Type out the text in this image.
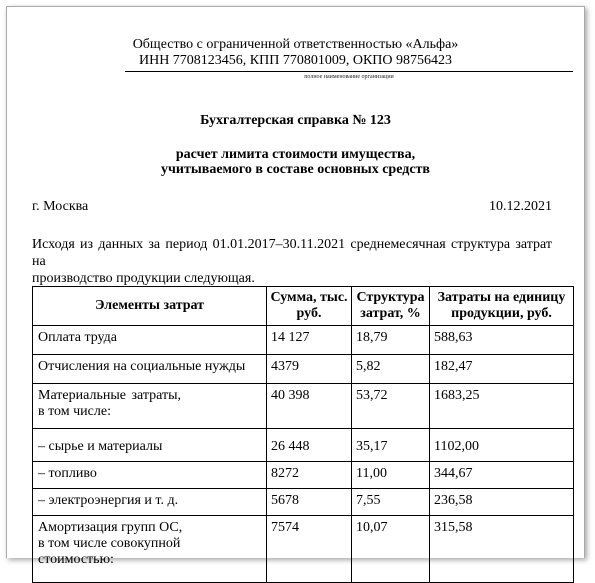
Общество с ограниченной ответственностью «Альфа»
ИНН 7708123456, КПП 770801009, ОКПО 98756423
полное наименование организации
Бухгалтерская справка № 123
расчет лимита стоимости имущества,
учитываемого в составе основных средств
г. Москва	10.12.2021

Исходя из данных за период 01.01.2017–30.11.2021 среднемесячная структура затрат на

производство продукции следующая.

Элементы затрат	Сумма, тыс. руб.	Структура затрат, %	Затраты на единицу продукции, руб.
Оплата труда	14 127	18,79	588,63
Отчисления на социальные нужды	4379	5,82	182,47

Материальные затраты,
в том числе:	40 398	53,72	1683,25
– сырье и материалы	26 448	35,17	1102,00
– топливо	8272	11,00	344,67
– электроэнергия и т. д.	5678	7,55	236,58

Амортизация групп ОС,
в том числе совокупной
стоимостью:	7574	10,07	315,58
